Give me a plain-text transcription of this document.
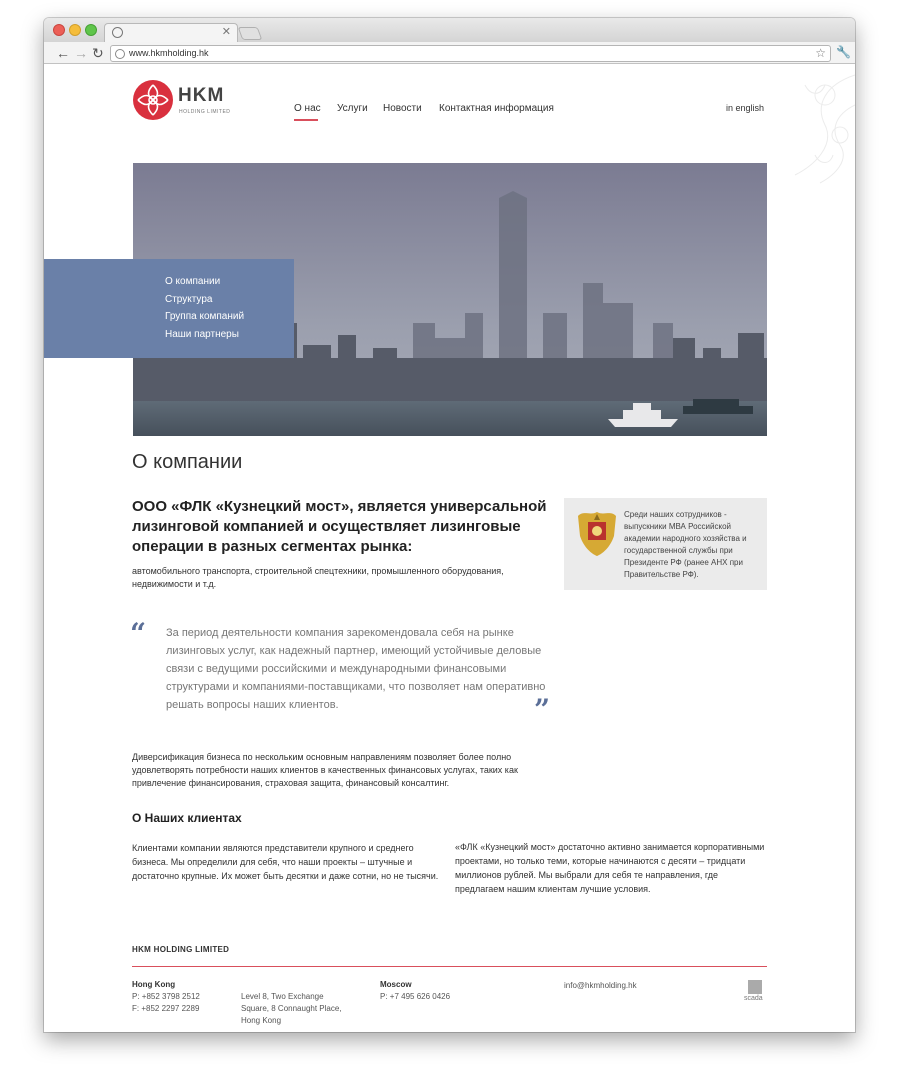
✕
← → ↻	www.hkmholding.hk	☆ 🔧
HKM
HOLDING LIMITED	О нас Услуги Новости Контактная информация	in english
О компании
Структура
Группа компаний
Наши партнеры
О компании

ООО «ФЛК «Кузнецкий мост», является универсальной лизинговой компанией и осуществляет лизинговые операции в разных сегментах рынка:

автомобильного транспорта, строительной спецтехники, промышленного оборудования, недвижимости и т.д.

Среди наших сотрудников - выпускники МВА Российской академии народного хозяйства и государственной службы при Президенте РФ (ранее АНХ при Правительстве РФ).

“ За период деятельности компания зарекомендовала себя на рынке лизинговых услуг, как надежный партнер, имеющий устойчивые деловые связи с ведущими российскими и международными финансовыми структурами и компаниями-поставщиками, что позволяет нам оперативно решать вопросы наших клиентов.	”

Диверсификация бизнеса по нескольким основным направлениям позволяет более полно удовлетворять потребности наших клиентов в качественных финансовых услугах, таких как привлечение финансирования, страховая защита, финансовый консалтинг.

О Наших клиентах

Клиентами компании являются представители крупного и среднего бизнеса. Мы определили для себя, что наши проекты – штучные и достаточно крупные. Их может быть десятки и даже сотни, но не тысячи.

«ФЛК «Кузнецкий мост» достаточно активно занимается корпоративными проектами, но только теми, которые начинаются с десяти – тридцати миллионов рублей. Мы выбрали для себя те направления, где предлагаем нашим клиентам лучшие условия.

HKM HOLDING LIMITED
Hong Kong
P: +852 3798 2512
F: +852 2297 2289
Level 8, Two Exchange Square, 8 Connaught Place, Hong Kong
Moscow
P: +7 495 626 0426
info@hkmholding.hk
scada
